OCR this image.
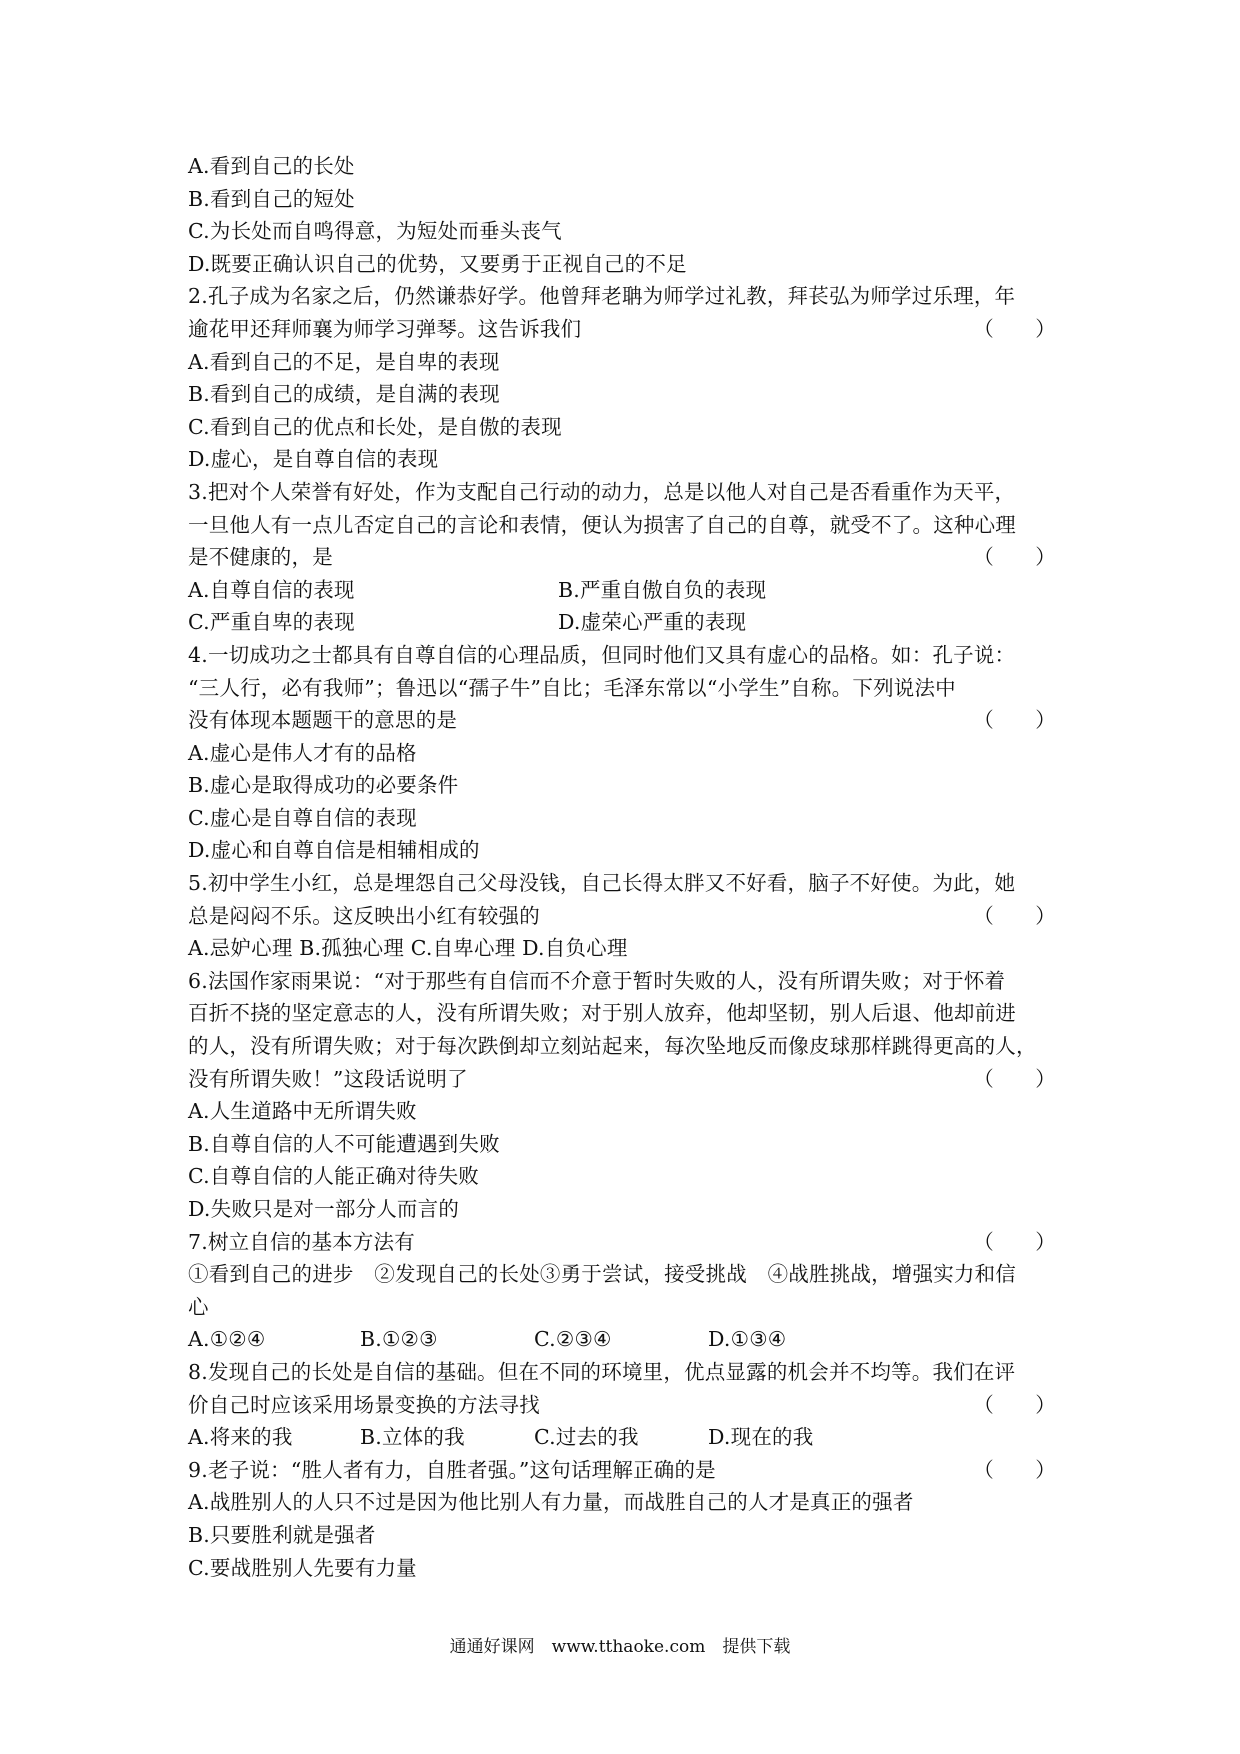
A.看到自己的长处
B.看到自己的短处
C.为长处而自鸣得意，为短处而垂头丧气
D.既要正确认识自己的优势，又要勇于正视自己的不足
2.孔子成为名家之后，仍然谦恭好学。他曾拜老聃为师学过礼教，拜苌弘为师学过乐理，年
逾花甲还拜师襄为师学习弹琴。这告诉我们	（　　）
A.看到自己的不足，是自卑的表现
B.看到自己的成绩，是自满的表现
C.看到自己的优点和长处，是自傲的表现
D.虚心，是自尊自信的表现
3.把对个人荣誉有好处，作为支配自己行动的动力，总是以他人对自己是否看重作为天平，
一旦他人有一点儿否定自己的言论和表情，便认为损害了自己的自尊，就受不了。这种心理
是不健康的，是	（　　）
A.自尊自信的表现	B.严重自傲自负的表现
C.严重自卑的表现	D.虚荣心严重的表现
4.一切成功之士都具有自尊自信的心理品质，但同时他们又具有虚心的品格。如：孔子说：
“三人行，必有我师”；鲁迅以“孺子牛”自比；毛泽东常以“小学生”自称。下列说法中
没有体现本题题干的意思的是	（　　）
A.虚心是伟人才有的品格
B.虚心是取得成功的必要条件
C.虚心是自尊自信的表现
D.虚心和自尊自信是相辅相成的
5.初中学生小红，总是埋怨自己父母没钱，自己长得太胖又不好看，脑子不好使。为此，她
总是闷闷不乐。这反映出小红有较强的	（　　）
A.忌妒心理 B.孤独心理 C.自卑心理 D.自负心理
6.法国作家雨果说：“对于那些有自信而不介意于暂时失败的人，没有所谓失败；对于怀着
百折不挠的坚定意志的人，没有所谓失败；对于别人放弃，他却坚韧，别人后退、他却前进
的人，没有所谓失败；对于每次跌倒却立刻站起来，每次坠地反而像皮球那样跳得更高的人，
没有所谓失败！”这段话说明了	（　　）
A.人生道路中无所谓失败
B.自尊自信的人不可能遭遇到失败
C.自尊自信的人能正确对待失败
D.失败只是对一部分人而言的
7.树立自信的基本方法有	（　　）
①看到自己的进步　②发现自己的长处③勇于尝试，接受挑战　④战胜挑战，增强实力和信
心
A.①②④	B.①②③	C.②③④	D.①③④
8.发现自己的长处是自信的基础。但在不同的环境里，优点显露的机会并不均等。我们在评
价自己时应该采用场景变换的方法寻找	（　　）
A.将来的我	B.立体的我	C.过去的我	D.现在的我
9.老子说：“胜人者有力，自胜者强。”这句话理解正确的是	（　　）
A.战胜别人的人只不过是因为他比别人有力量，而战胜自己的人才是真正的强者
B.只要胜利就是强者
C.要战胜别人先要有力量
通通好课网　www.tthaoke.com　提供下载
